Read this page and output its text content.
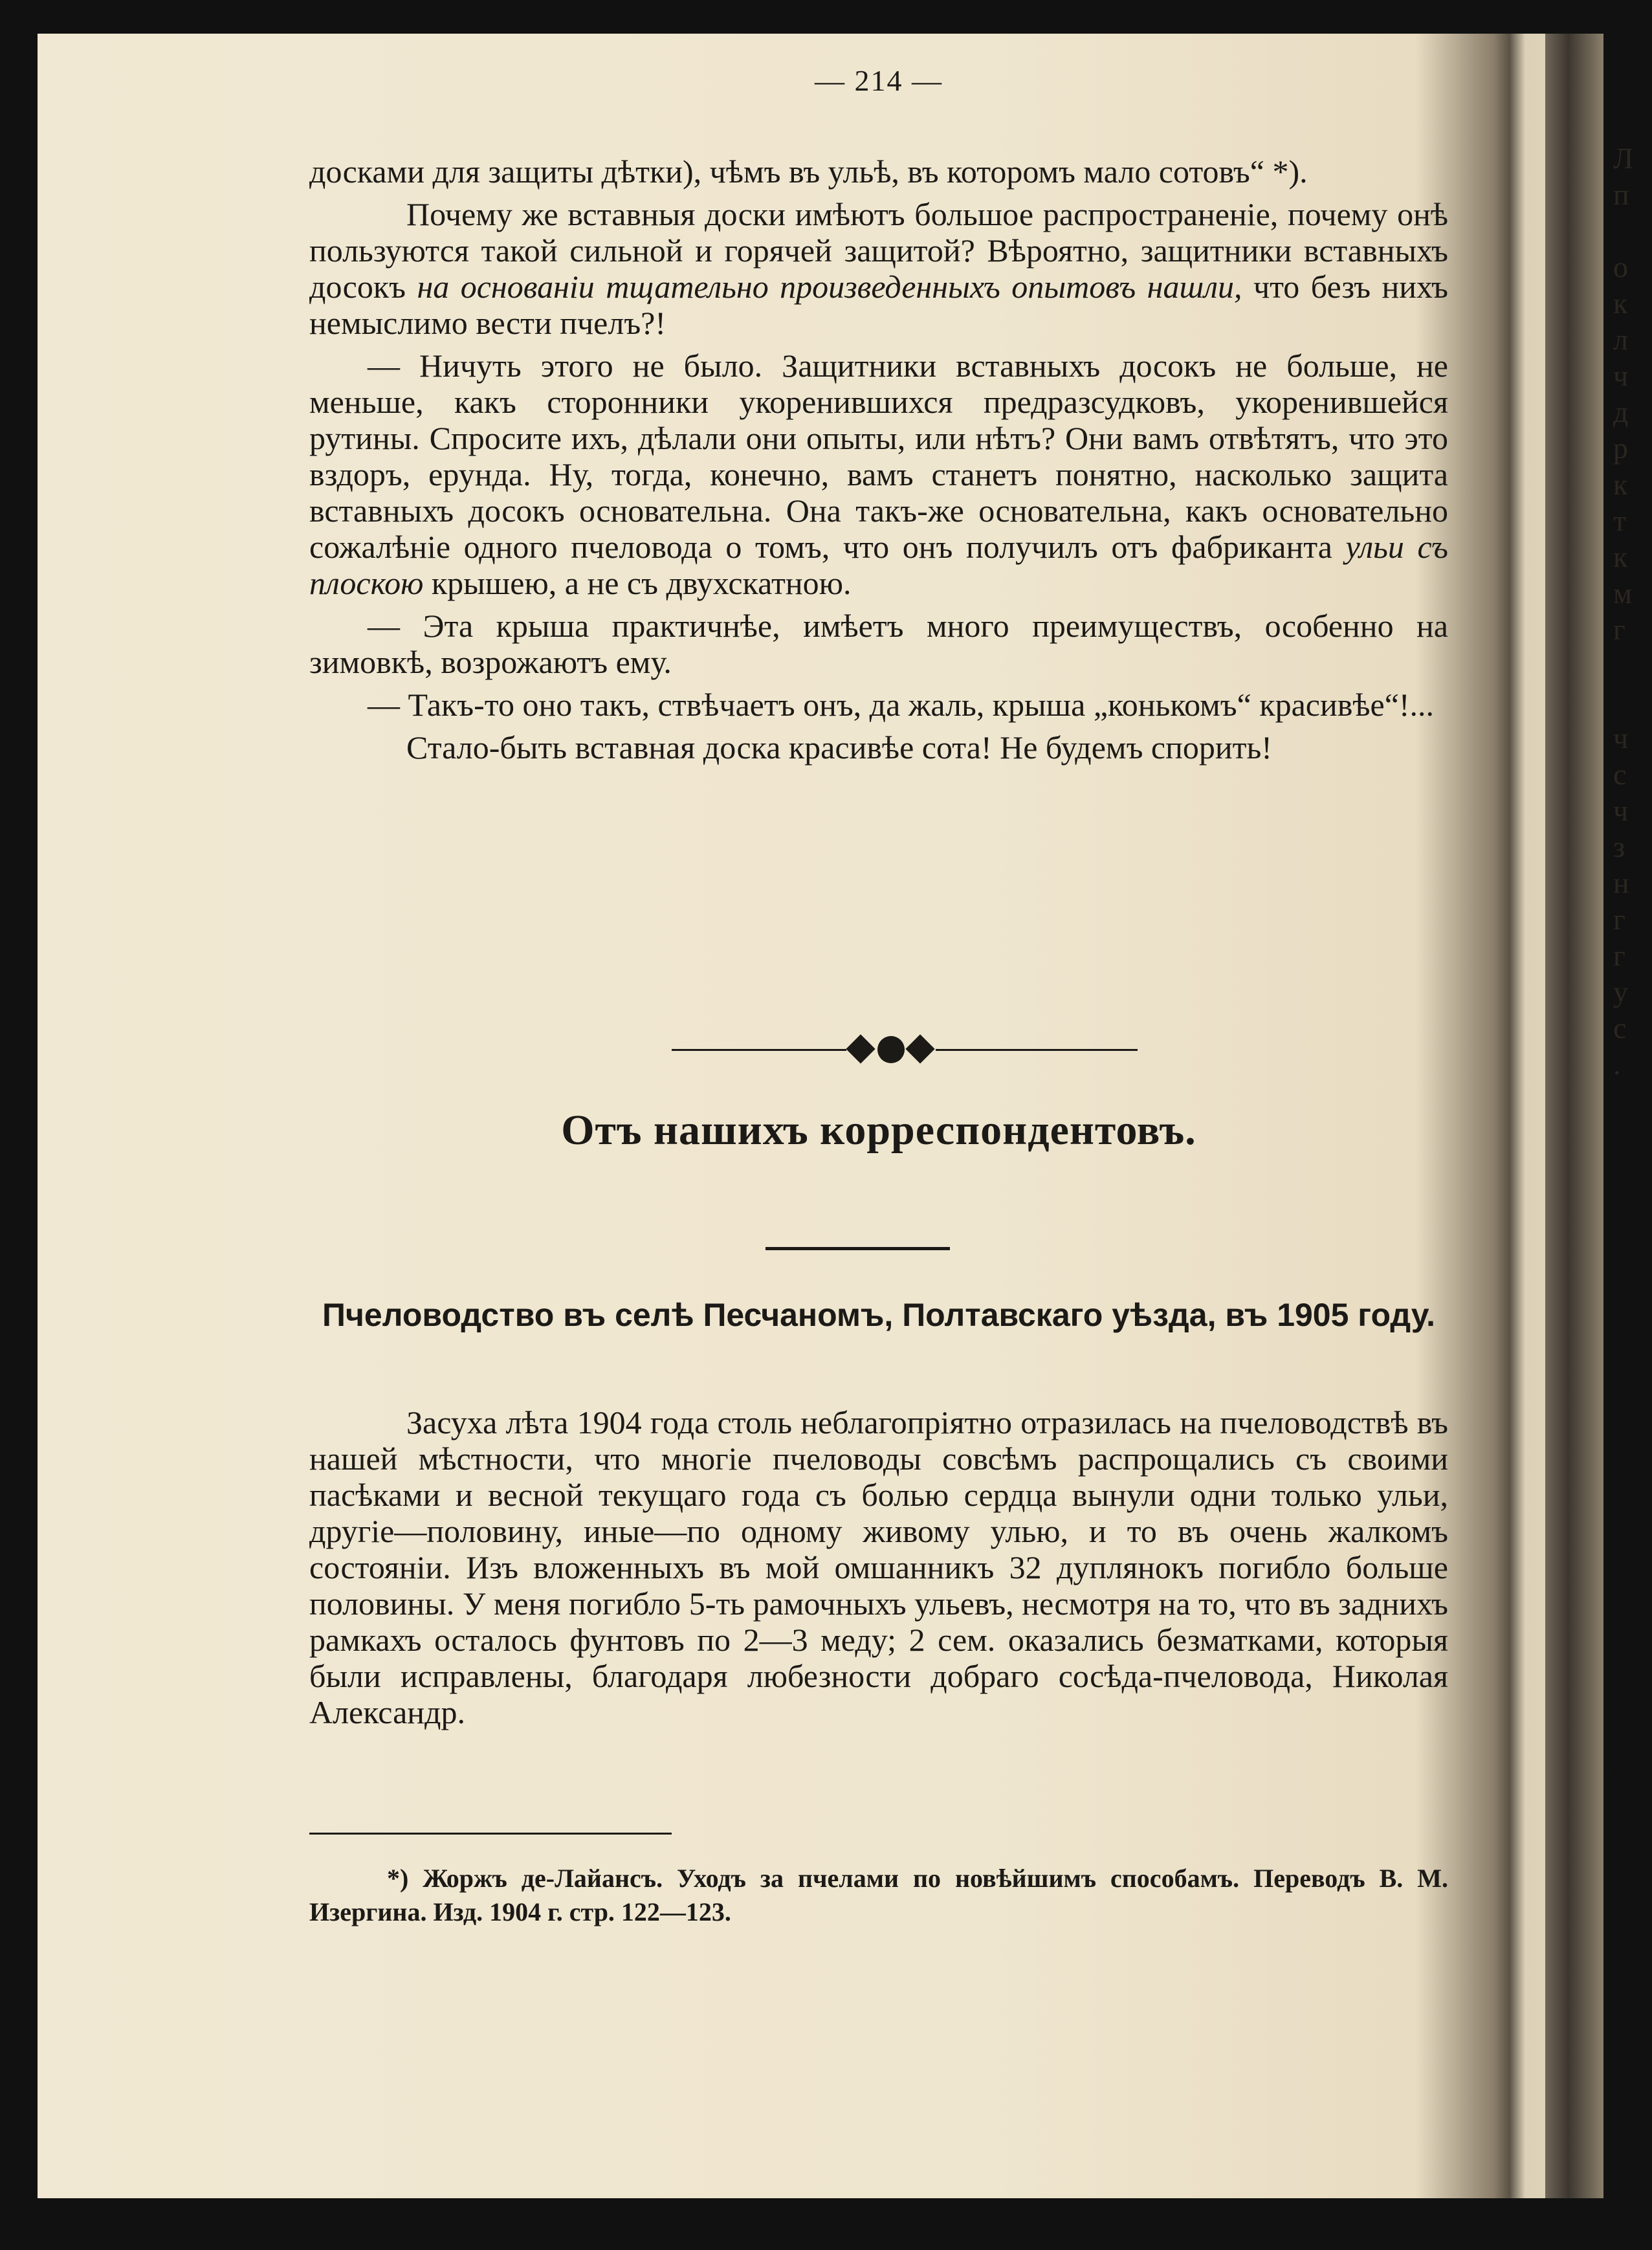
— 214 —

досками для защиты дѣтки), чѣмъ въ ульѣ, въ которомъ мало сотовъ“ *).

Почему же вставныя доски имѣютъ большое распространеніе, почему онѣ пользуются такой сильной и горячей защитой? Вѣроятно, защитники вставныхъ досокъ на основаніи тщательно произведенныхъ опытовъ нашли, что безъ нихъ немыслимо вести пчелъ?!

— Ничуть этого не было. Защитники вставныхъ досокъ не больше, не меньше, какъ сторонники укоренившихся предразсудковъ, укоренившейся рутины. Спросите ихъ, дѣлали они опыты, или нѣтъ? Они вамъ отвѣтятъ, что это вздоръ, ерунда. Ну, тогда, конечно, вамъ станетъ понятно, насколько защита вставныхъ досокъ основательна. Она такъ-же основательна, какъ основательно сожалѣніе одного пчеловода о томъ, что онъ получилъ отъ фабриканта ульи съ плоскою крышею, а не съ двухскатною.

— Эта крыша практичнѣе, имѣетъ много преимуществъ, особенно на зимовкѣ, возрожаютъ ему.

— Такъ-то оно такъ, ствѣчаетъ онъ, да жаль, крыша „конькомъ“ красивѣе“!...

Стало-быть вставная доска красивѣе сота! Не будемъ спорить!

Отъ нашихъ корреспондентовъ.
Пчеловодство въ селѣ Песчаномъ, Полтавскаго уѣзда, въ 1905 году.

Засуха лѣта 1904 года столь неблагопріятно отразилась на пчеловодствѣ въ нашей мѣстности, что многіе пчеловоды совсѣмъ распрощались съ своими пасѣками и весной текущаго года съ болью сердца вынули одни только ульи, другіе—половину, иные—по одному живому улью, и то въ очень жалкомъ состояніи. Изъ вложенныхъ въ мой омшанникъ 32 дуплянокъ погибло больше половины. У меня погибло 5-ть рамочныхъ ульевъ, несмотря на то, что въ заднихъ рамкахъ осталось фунтовъ по 2—3 меду; 2 сем. оказались безматками, которыя были исправлены, благодаря любезности добраго сосѣда-пчеловода, Николая Александр.

*) Жоржъ де-Лайансъ. Уходъ за пчелами по новѣйшимъ способамъ. Переводъ В. М. Изергина. Изд. 1904 г. стр. 122—123.
Л
п
о
к
л
ч
д
р
к
т
к
м
г
ч
с
ч
з
н
г
г
у
с
.
